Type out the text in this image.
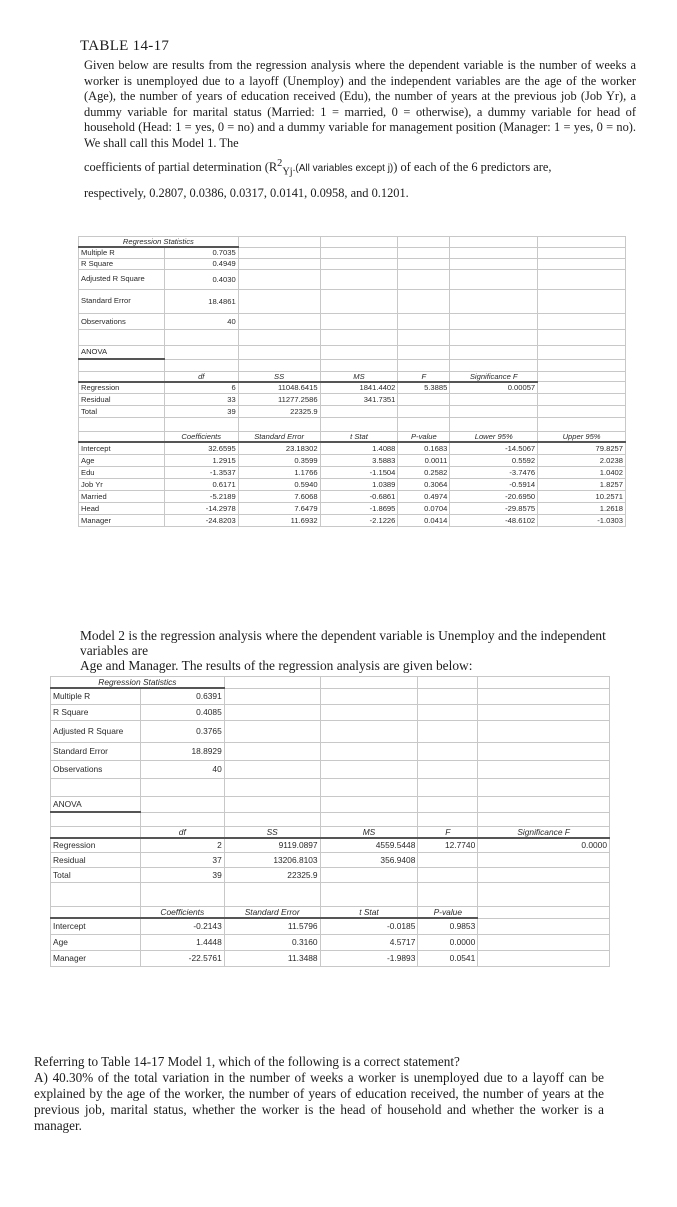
TABLE 14-17

Given below are results from the regression analysis where the dependent variable is the number of weeks a worker is unemployed due to a layoff (Unemploy) and the independent variables are the age of the worker (Age), the number of years of education received (Edu), the number of years at the previous job (Job Yr), a dummy variable for marital status (Married: 1 = married, 0 = otherwise), a dummy variable for head of household (Head: 1 = yes, 0 = no) and a dummy variable for management position (Manager: 1 = yes, 0 = no). We shall call this Model 1. The

coefficients of partial determination ($R^2_{Yj}.(All$ variables except j)) of each of the 6 predictors are,

respectively, 0.2807, 0.0386, 0.0317, 0.0141, 0.0958, and 0.1201.

Regression Statistics						
Multiple R	0.7035					
R Square	0.4949					
Adjusted R Square	0.4030					
Standard Error	18.4861					
Observations	40					

ANOVA						

	df	SS	MS	F	Significance F	
Regression	6	11048.6415	1841.4402	5.3885	0.00057	
Residual	33	11277.2586	341.7351			
Total	39	22325.9				

	Coefficients	Standard Error	t Stat	P-value	Lower 95%	Upper 95%
Intercept	32.6595	23.18302	1.4088	0.1683	-14.5067	79.8257
Age	1.2915	0.3599	3.5883	0.0011	0.5592	2.0238
Edu	-1.3537	1.1766	-1.1504	0.2582	-3.7476	1.0402
Job Yr	0.6171	0.5940	1.0389	0.3064	-0.5914	1.8257
Married	-5.2189	7.6068	-0.6861	0.4974	-20.6950	10.2571
Head	-14.2978	7.6479	-1.8695	0.0704	-29.8575	1.2618
Manager	-24.8203	11.6932	-2.1226	0.0414	-48.6102	-1.0303

Model 2 is the regression analysis where the dependent variable is Unemploy and the independent variables are

Age and Manager. The results of the regression analysis are given below:

Regression Statistics					
Multiple R	0.6391				
R Square	0.4085				
Adjusted R Square	0.3765				
Standard Error	18.8929				
Observations	40				

ANOVA					

	df	SS	MS	F	Significance F
Regression	2	9119.0897	4559.5448	12.7740	0.0000
Residual	37	13206.8103	356.9408		
Total	39	22325.9			

	Coefficients	Standard Error	t Stat	P-value	
Intercept	-0.2143	11.5796	-0.0185	0.9853	
Age	1.4448	0.3160	4.5717	0.0000	
Manager	-22.5761	11.3488	-1.9893	0.0541	

Referring to Table 14-17 Model 1, which of the following is a correct statement?

A) 40.30% of the total variation in the number of weeks a worker is unemployed due to a layoff can be explained by the age of the worker, the number of years of education received, the number of years at the previous job, marital status, whether the worker is the head of household and whether the worker is a manager.
